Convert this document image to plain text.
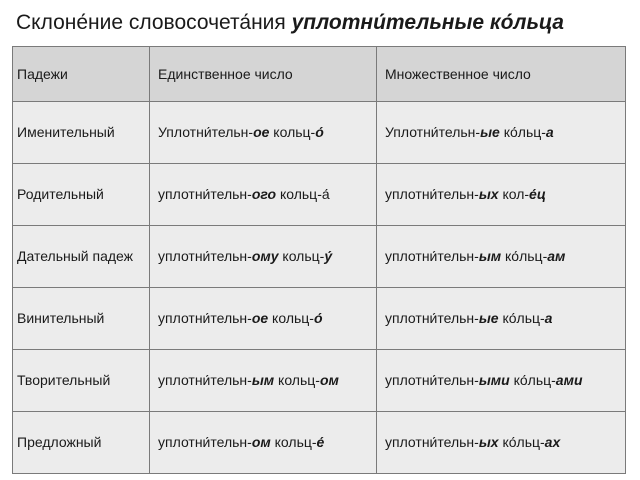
Склоне́ние словосочета́ния уплотни́тельные ко́льца
Падежи	Единственное число	Множественное число
Именительный	Уплотни́тельн-ое кольц-о́	Уплотни́тельн-ые ко́льц-а
Родительный	уплотни́тельн-ого кольц-а́	уплотни́тельн-ых кол-е́ц
Дательный падеж	уплотни́тельн-ому кольц-у́	уплотни́тельн-ым ко́льц-ам
Винительный	уплотни́тельн-ое кольц-о́	уплотни́тельн-ые ко́льц-а
Творительный	уплотни́тельн-ым кольц-ом	уплотни́тельн-ыми ко́льц-ами
Предложный	уплотни́тельн-ом кольц-е́	уплотни́тельн-ых ко́льц-ах
